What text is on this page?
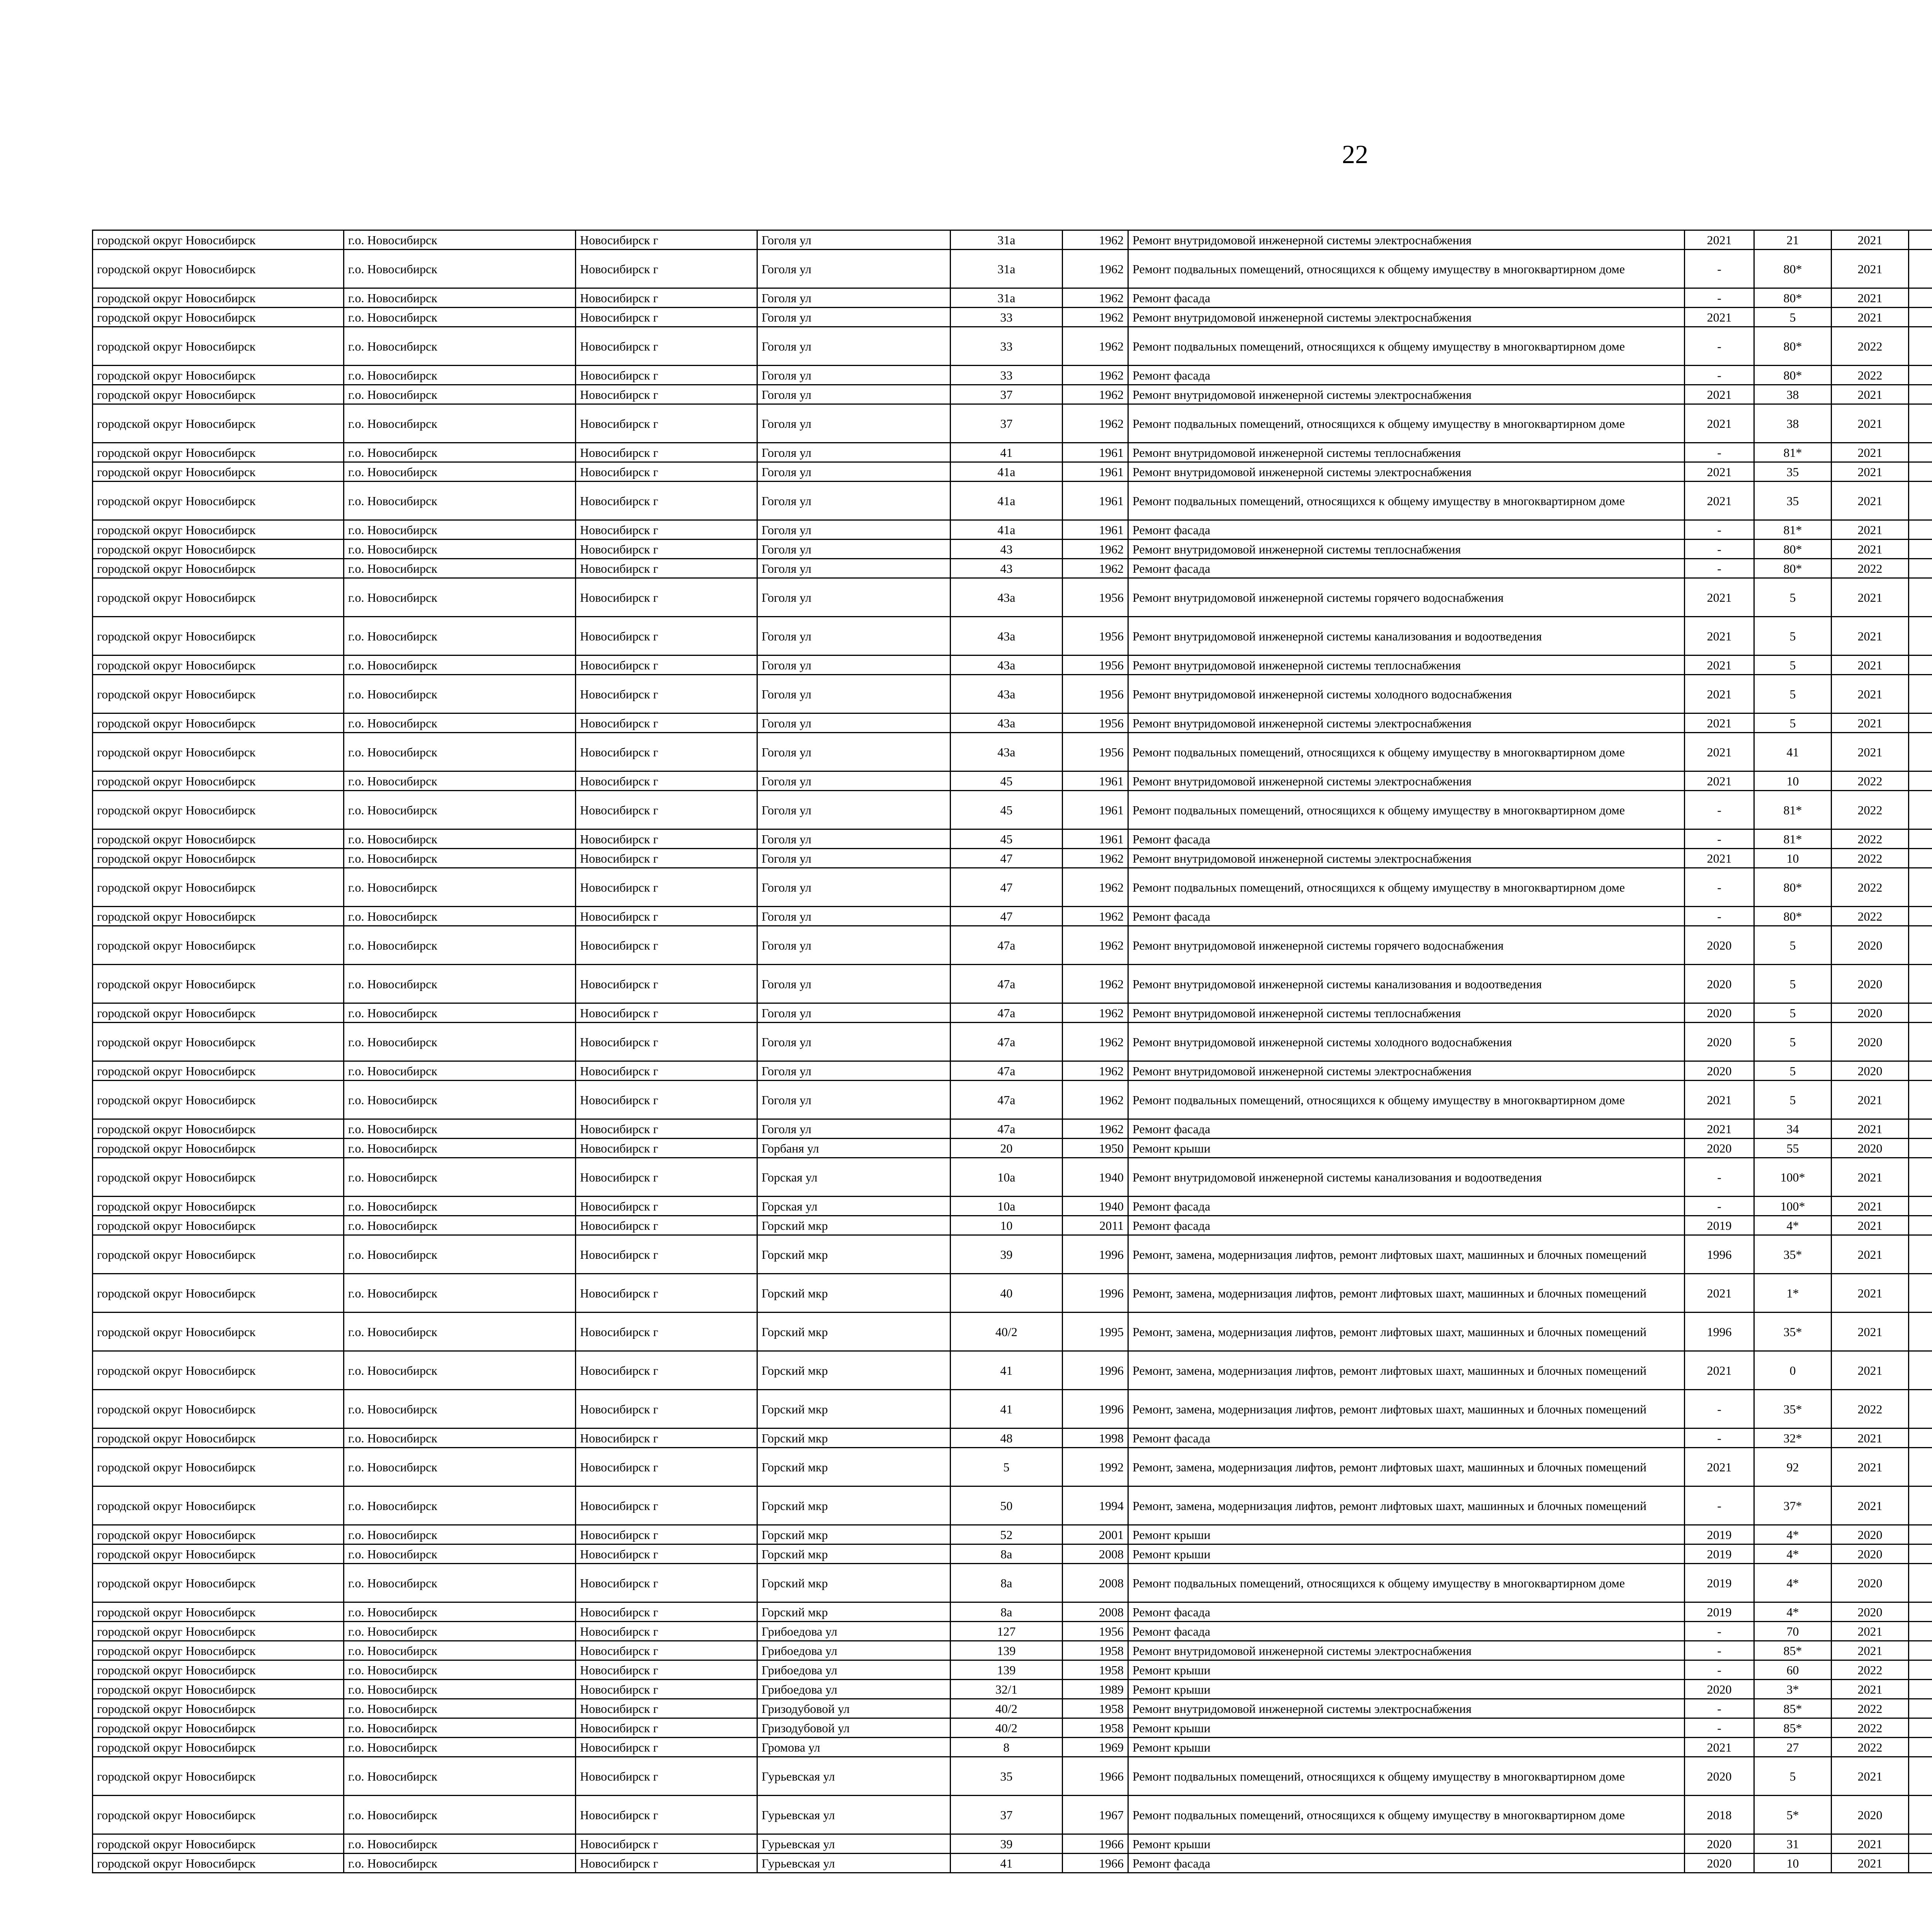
22
городской округ Новосибирск	г.о. Новосибирск	Новосибирск г	Гоголя ул	31а	1962	Ремонт внутридомовой инженерной системы электроснабжения	2021	21	2021						
городской округ Новосибирск	г.о. Новосибирск	Новосибирск г	Гоголя ул	31а	1962	Ремонт подвальных помещений, относящихся к общему имуществу в многоквартирном доме	-	80*	2021						
городской округ Новосибирск	г.о. Новосибирск	Новосибирск г	Гоголя ул	31а	1962	Ремонт фасада	-	80*	2021						
городской округ Новосибирск	г.о. Новосибирск	Новосибирск г	Гоголя ул	33	1962	Ремонт внутридомовой инженерной системы электроснабжения	2021	5	2021						
городской округ Новосибирск	г.о. Новосибирск	Новосибирск г	Гоголя ул	33	1962	Ремонт подвальных помещений, относящихся к общему имуществу в многоквартирном доме	-	80*	2022						
городской округ Новосибирск	г.о. Новосибирск	Новосибирск г	Гоголя ул	33	1962	Ремонт фасада	-	80*	2022						
городской округ Новосибирск	г.о. Новосибирск	Новосибирск г	Гоголя ул	37	1962	Ремонт внутридомовой инженерной системы электроснабжения	2021	38	2021						
городской округ Новосибирск	г.о. Новосибирск	Новосибирск г	Гоголя ул	37	1962	Ремонт подвальных помещений, относящихся к общему имуществу в многоквартирном доме	2021	38	2021						
городской округ Новосибирск	г.о. Новосибирск	Новосибирск г	Гоголя ул	41	1961	Ремонт внутридомовой инженерной системы теплоснабжения	-	81*	2021						
городской округ Новосибирск	г.о. Новосибирск	Новосибирск г	Гоголя ул	41а	1961	Ремонт внутридомовой инженерной системы электроснабжения	2021	35	2021						
городской округ Новосибирск	г.о. Новосибирск	Новосибирск г	Гоголя ул	41а	1961	Ремонт подвальных помещений, относящихся к общему имуществу в многоквартирном доме	2021	35	2021						
городской округ Новосибирск	г.о. Новосибирск	Новосибирск г	Гоголя ул	41а	1961	Ремонт фасада	-	81*	2021						
городской округ Новосибирск	г.о. Новосибирск	Новосибирск г	Гоголя ул	43	1962	Ремонт внутридомовой инженерной системы теплоснабжения	-	80*	2021						
городской округ Новосибирск	г.о. Новосибирск	Новосибирск г	Гоголя ул	43	1962	Ремонт фасада	-	80*	2022						
городской округ Новосибирск	г.о. Новосибирск	Новосибирск г	Гоголя ул	43а	1956	Ремонт внутридомовой инженерной системы горячего водоснабжения	2021	5	2021						
городской округ Новосибирск	г.о. Новосибирск	Новосибирск г	Гоголя ул	43а	1956	Ремонт внутридомовой инженерной системы канализования и водоотведения	2021	5	2021						
городской округ Новосибирск	г.о. Новосибирск	Новосибирск г	Гоголя ул	43а	1956	Ремонт внутридомовой инженерной системы теплоснабжения	2021	5	2021						
городской округ Новосибирск	г.о. Новосибирск	Новосибирск г	Гоголя ул	43а	1956	Ремонт внутридомовой инженерной системы холодного водоснабжения	2021	5	2021						
городской округ Новосибирск	г.о. Новосибирск	Новосибирск г	Гоголя ул	43а	1956	Ремонт внутридомовой инженерной системы электроснабжения	2021	5	2021						
городской округ Новосибирск	г.о. Новосибирск	Новосибирск г	Гоголя ул	43а	1956	Ремонт подвальных помещений, относящихся к общему имуществу в многоквартирном доме	2021	41	2021						
городской округ Новосибирск	г.о. Новосибирск	Новосибирск г	Гоголя ул	45	1961	Ремонт внутридомовой инженерной системы электроснабжения	2021	10	2022						
городской округ Новосибирск	г.о. Новосибирск	Новосибирск г	Гоголя ул	45	1961	Ремонт подвальных помещений, относящихся к общему имуществу в многоквартирном доме	-	81*	2022						
городской округ Новосибирск	г.о. Новосибирск	Новосибирск г	Гоголя ул	45	1961	Ремонт фасада	-	81*	2022						
городской округ Новосибирск	г.о. Новосибирск	Новосибирск г	Гоголя ул	47	1962	Ремонт внутридомовой инженерной системы электроснабжения	2021	10	2022						
городской округ Новосибирск	г.о. Новосибирск	Новосибирск г	Гоголя ул	47	1962	Ремонт подвальных помещений, относящихся к общему имуществу в многоквартирном доме	-	80*	2022						
городской округ Новосибирск	г.о. Новосибирск	Новосибирск г	Гоголя ул	47	1962	Ремонт фасада	-	80*	2022						
городской округ Новосибирск	г.о. Новосибирск	Новосибирск г	Гоголя ул	47а	1962	Ремонт внутридомовой инженерной системы горячего водоснабжения	2020	5	2020						
городской округ Новосибирск	г.о. Новосибирск	Новосибирск г	Гоголя ул	47а	1962	Ремонт внутридомовой инженерной системы канализования и водоотведения	2020	5	2020						
городской округ Новосибирск	г.о. Новосибирск	Новосибирск г	Гоголя ул	47а	1962	Ремонт внутридомовой инженерной системы теплоснабжения	2020	5	2020						
городской округ Новосибирск	г.о. Новосибирск	Новосибирск г	Гоголя ул	47а	1962	Ремонт внутридомовой инженерной системы холодного водоснабжения	2020	5	2020						
городской округ Новосибирск	г.о. Новосибирск	Новосибирск г	Гоголя ул	47а	1962	Ремонт внутридомовой инженерной системы электроснабжения	2020	5	2020						
городской округ Новосибирск	г.о. Новосибирск	Новосибирск г	Гоголя ул	47а	1962	Ремонт подвальных помещений, относящихся к общему имуществу в многоквартирном доме	2021	5	2021						
городской округ Новосибирск	г.о. Новосибирск	Новосибирск г	Гоголя ул	47а	1962	Ремонт фасада	2021	34	2021						
городской округ Новосибирск	г.о. Новосибирск	Новосибирск г	Горбаня ул	20	1950	Ремонт крыши	2020	55	2020						
городской округ Новосибирск	г.о. Новосибирск	Новосибирск г	Горская ул	10а	1940	Ремонт внутридомовой инженерной системы канализования и водоотведения	-	100*	2021						
городской округ Новосибирск	г.о. Новосибирск	Новосибирск г	Горская ул	10а	1940	Ремонт фасада	-	100*	2021						
городской округ Новосибирск	г.о. Новосибирск	Новосибирск г	Горский мкр	10	2011	Ремонт фасада	2019	4*	2021						
городской округ Новосибирск	г.о. Новосибирск	Новосибирск г	Горский мкр	39	1996	Ремонт, замена, модернизация лифтов, ремонт лифтовых шахт, машинных и блочных помещений	1996	35*	2021						
городской округ Новосибирск	г.о. Новосибирск	Новосибирск г	Горский мкр	40	1996	Ремонт, замена, модернизация лифтов, ремонт лифтовых шахт, машинных и блочных помещений	2021	1*	2021						
городской округ Новосибирск	г.о. Новосибирск	Новосибирск г	Горский мкр	40/2	1995	Ремонт, замена, модернизация лифтов, ремонт лифтовых шахт, машинных и блочных помещений	1996	35*	2021						
городской округ Новосибирск	г.о. Новосибирск	Новосибирск г	Горский мкр	41	1996	Ремонт, замена, модернизация лифтов, ремонт лифтовых шахт, машинных и блочных помещений	2021	0	2021						
городской округ Новосибирск	г.о. Новосибирск	Новосибирск г	Горский мкр	41	1996	Ремонт, замена, модернизация лифтов, ремонт лифтовых шахт, машинных и блочных помещений	-	35*	2022						
городской округ Новосибирск	г.о. Новосибирск	Новосибирск г	Горский мкр	48	1998	Ремонт фасада	-	32*	2021						
городской округ Новосибирск	г.о. Новосибирск	Новосибирск г	Горский мкр	5	1992	Ремонт, замена, модернизация лифтов, ремонт лифтовых шахт, машинных и блочных помещений	2021	92	2021						
городской округ Новосибирск	г.о. Новосибирск	Новосибирск г	Горский мкр	50	1994	Ремонт, замена, модернизация лифтов, ремонт лифтовых шахт, машинных и блочных помещений	-	37*	2021						
городской округ Новосибирск	г.о. Новосибирск	Новосибирск г	Горский мкр	52	2001	Ремонт крыши	2019	4*	2020						
городской округ Новосибирск	г.о. Новосибирск	Новосибирск г	Горский мкр	8а	2008	Ремонт крыши	2019	4*	2020						
городской округ Новосибирск	г.о. Новосибирск	Новосибирск г	Горский мкр	8а	2008	Ремонт подвальных помещений, относящихся к общему имуществу в многоквартирном доме	2019	4*	2020						
городской округ Новосибирск	г.о. Новосибирск	Новосибирск г	Горский мкр	8а	2008	Ремонт фасада	2019	4*	2020						
городской округ Новосибирск	г.о. Новосибирск	Новосибирск г	Грибоедова ул	127	1956	Ремонт фасада	-	70	2021						
городской округ Новосибирск	г.о. Новосибирск	Новосибирск г	Грибоедова ул	139	1958	Ремонт внутридомовой инженерной системы электроснабжения	-	85*	2021						
городской округ Новосибирск	г.о. Новосибирск	Новосибирск г	Грибоедова ул	139	1958	Ремонт крыши	-	60	2022						
городской округ Новосибирск	г.о. Новосибирск	Новосибирск г	Грибоедова ул	32/1	1989	Ремонт крыши	2020	3*	2021						
городской округ Новосибирск	г.о. Новосибирск	Новосибирск г	Гризодубовой ул	40/2	1958	Ремонт внутридомовой инженерной системы электроснабжения	-	85*	2022						
городской округ Новосибирск	г.о. Новосибирск	Новосибирск г	Гризодубовой ул	40/2	1958	Ремонт крыши	-	85*	2022						
городской округ Новосибирск	г.о. Новосибирск	Новосибирск г	Громова ул	8	1969	Ремонт крыши	2021	27	2022						
городской округ Новосибирск	г.о. Новосибирск	Новосибирск г	Гурьевская ул	35	1966	Ремонт подвальных помещений, относящихся к общему имуществу в многоквартирном доме	2020	5	2021						
городской округ Новосибирск	г.о. Новосибирск	Новосибирск г	Гурьевская ул	37	1967	Ремонт подвальных помещений, относящихся к общему имуществу в многоквартирном доме	2018	5*	2020						
городской округ Новосибирск	г.о. Новосибирск	Новосибирск г	Гурьевская ул	39	1966	Ремонт крыши	2020	31	2021						
городской округ Новосибирск	г.о. Новосибирск	Новосибирск г	Гурьевская ул	41	1966	Ремонт фасада	2020	10	2021						
